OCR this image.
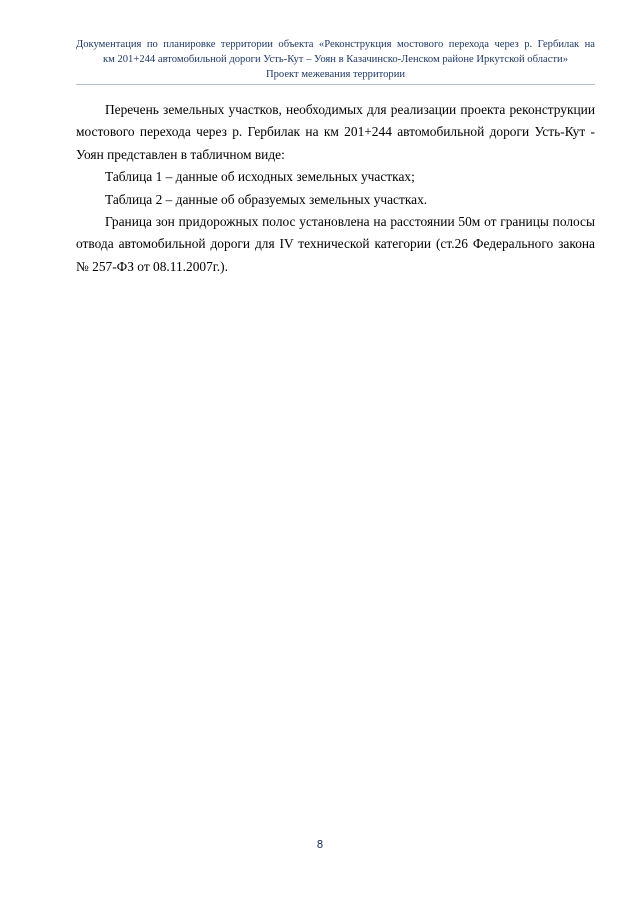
Документация по планировке территории объекта «Реконструкция мостового перехода через р. Гербилак на
км 201+244 автомобильной дороги Усть-Кут – Уоян в Казачинско-Ленском районе Иркутской области»
Проект межевания территории

Перечень земельных участков, необходимых для реализации проекта реконструкции мостового перехода через р. Гербилак на км 201+244 автомобильной дороги Усть-Кут - Уоян представлен в табличном виде:

Таблица 1 – данные об исходных земельных участках;

Таблица 2 – данные об образуемых земельных участках.

Граница зон придорожных полос установлена на расстоянии 50м от границы полосы отвода автомобильной дороги для IV технической категории (ст.26 Федерального закона № 257-ФЗ от 08.11.2007г.).

8
